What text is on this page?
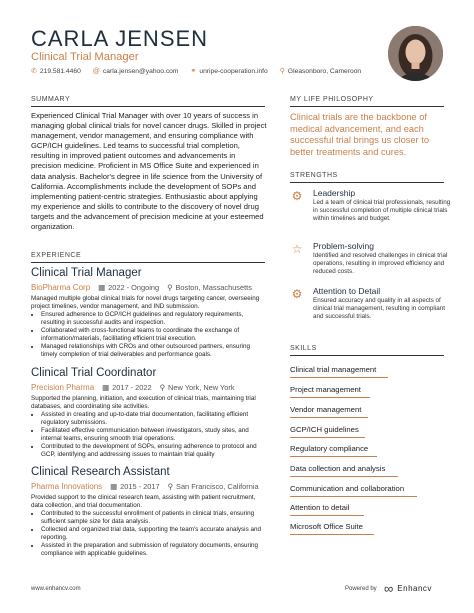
CARLA JENSEN
Clinical Trial Manager
✆ 219.581.4460 @ carla.jensen@yahoo.com ⚭ unripe-cooperation.info ⚲ Gleasonboro, Cameroon
SUMMARY
Experienced Clinical Trial Manager with over 10 years of success in managing global clinical trials for novel cancer drugs. Skilled in project management, vendor management, and ensuring compliance with GCP/ICH guidelines. Led teams to successful trial completion, resulting in improved patient outcomes and advancements in precision medicine. Proficient in MS Office Suite and experienced in data analysis. Bachelor's degree in life science from the University of California. Accomplishments include the development of SOPs and implementing patient-centric strategies. Enthusiastic about applying my experience and skills to contribute to the discovery of novel drug targets and the advancement of precision medicine at your esteemed organization.
EXPERIENCE
Clinical Trial Manager
BioPharma Corp ▦ 2022 - Ongoing ⚲ Boston, Massachusetts
Managed multiple global clinical trials for novel drugs targeting cancer, overseeing project timelines, vendor management, and IND submission.
• Ensured adherence to GCP/ICH guidelines and regulatory requirements, resulting in successful audits and inspection.
• Collaborated with cross-functional teams to coordinate the exchange of information/materials, facilitating efficient trial execution.
• Managed relationships with CROs and other outsourced partners, ensuring timely completion of trial deliverables and performance goals.
Clinical Trial Coordinator
Precision Pharma ▦ 2017 - 2022 ⚲ New York, New York
Supported the planning, initiation, and execution of clinical trials, maintaining trial databases, and coordinating site activities.
• Assisted in creating and up-to-date trial documentation, facilitating efficient regulatory submissions.
• Facilitated effective communication between investigators, study sites, and internal teams, ensuring smooth trial operations.
• Contributed to the development of SOPs, ensuring adherence to protocol and GCP, identifying and addressing issues to maintain trial quality
Clinical Research Assistant
Pharma Innovations ▦ 2015 - 2017 ⚲ San Francisco, California
Provided support to the clinical research team, assisting with patient recruitment, data collection, and trial documentation.
• Contributed to the successful enrollment of patients in clinical trials, ensuring sufficient sample size for data analysis.
• Collected and organized trial data, supporting the team's accurate analysis and reporting.
• Assisted in the preparation and submission of regulatory documents, ensuring compliance with applicable guidelines.
MY LIFE PHILOSOPHY
Clinical trials are the backbone of medical advancement, and each successful trial brings us closer to better treatments and cures.
STRENGTHS
⚙ Leadership
Led a team of clinical trial professionals, resulting in successful completion of multiple clinical trials within timelines and budget.
☆ Problem-solving
Identified and resolved challenges in clinical trial operations, resulting in improved efficiency and reduced costs.
⚙ Attention to Detail
Ensured accuracy and quality in all aspects of clinical trial management, resulting in compliant and successful trials.
SKILLS
Clinical trial management
Project management
Vendor management
GCP/ICH guidelines
Regulatory compliance
Data collection and analysis
Communication and collaboration
Attention to detail
Microsoft Office Suite
www.enhancv.com	Powered by ∞ Enhancv
